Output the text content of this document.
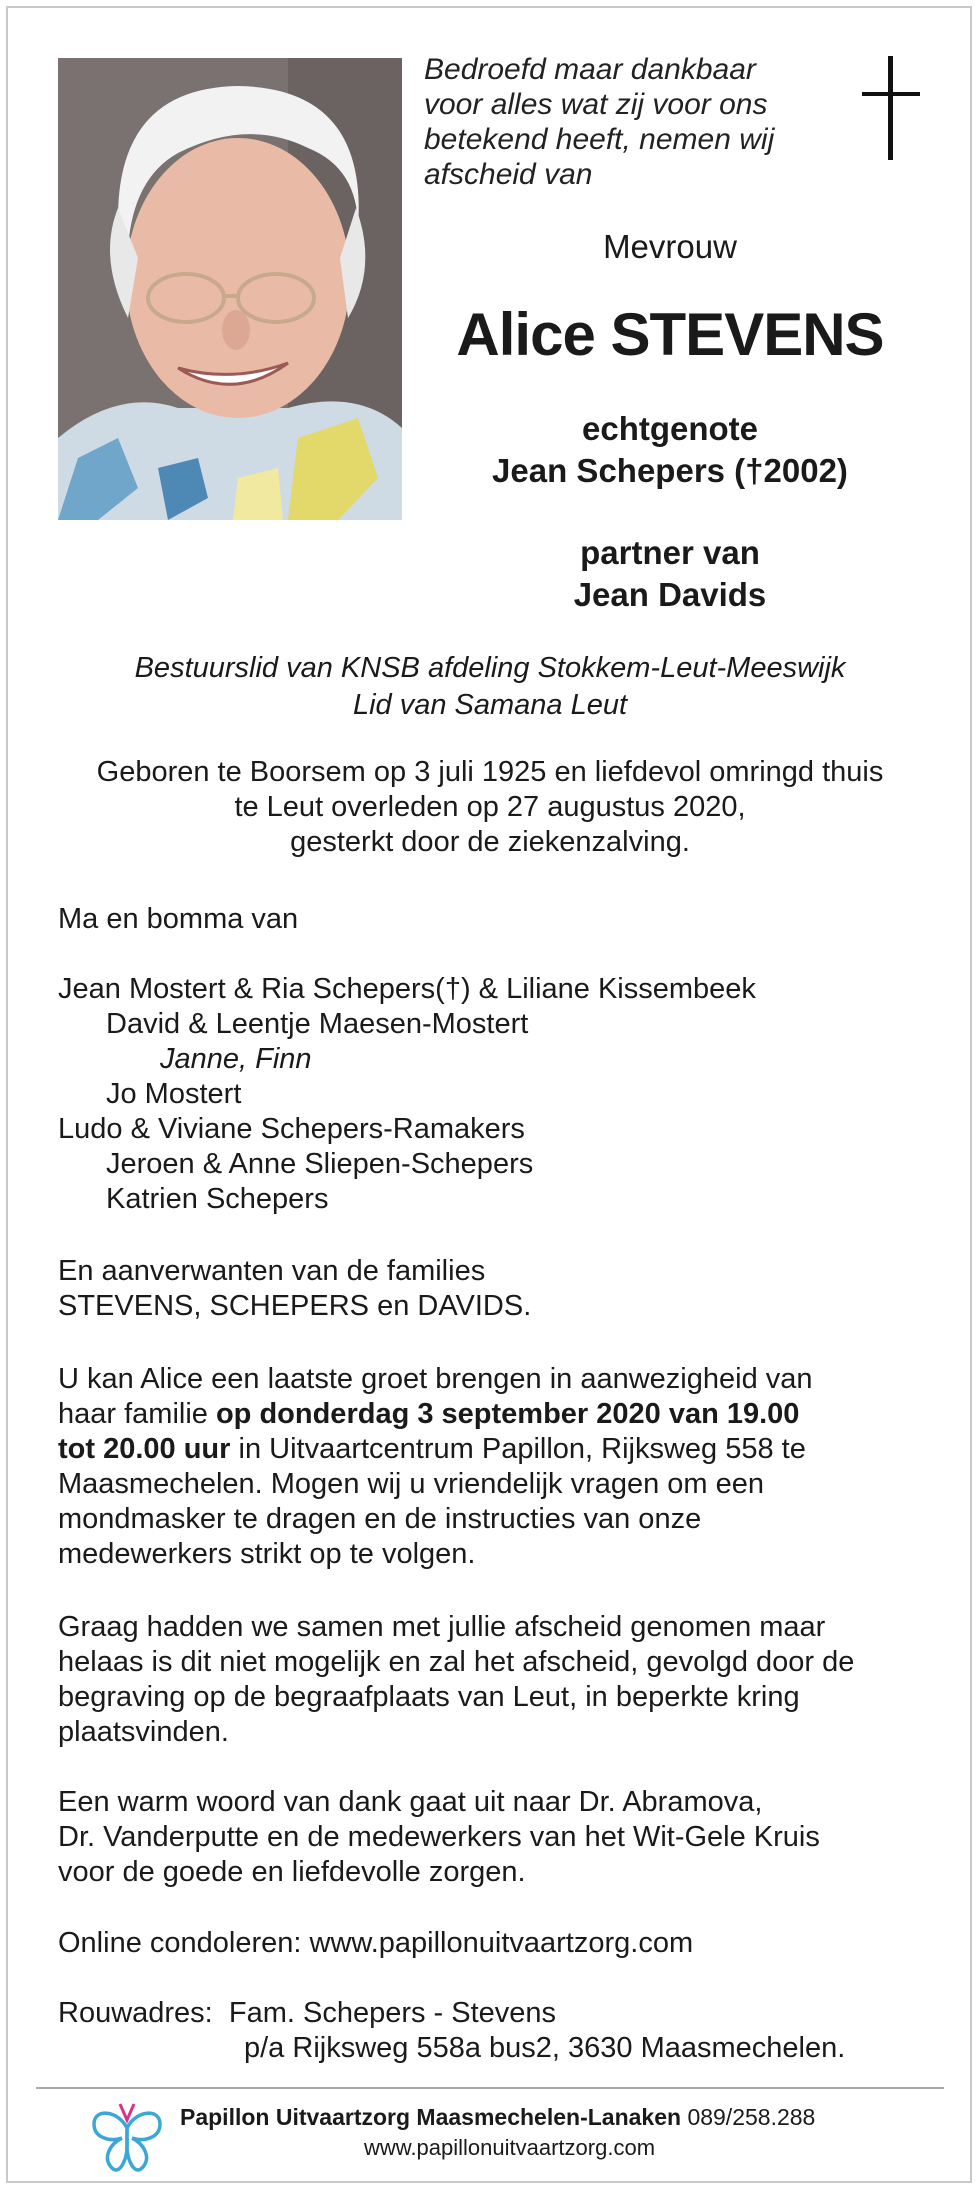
Bedroefd maar dankbaar
voor alles wat zij voor ons
betekend heeft, nemen wij
afscheid van
Mevrouw
Alice STEVENS
echtgenote
Jean Schepers (†2002)
partner van
Jean Davids
Bestuurslid van KNSB afdeling Stokkem-Leut-Meeswijk
Lid van Samana Leut
Geboren te Boorsem op 3 juli 1925 en liefdevol omringd thuis
te Leut overleden op 27 augustus 2020,
gesterkt door de ziekenzalving.
Ma en bomma van
Jean Mostert & Ria Schepers(†) & Liliane Kissembeek
David & Leentje Maesen-Mostert
Janne, Finn
Jo Mostert
Ludo & Viviane Schepers-Ramakers
Jeroen & Anne Sliepen-Schepers
Katrien Schepers
En aanverwanten van de families
STEVENS, SCHEPERS en DAVIDS.
U kan Alice een laatste groet brengen in aanwezigheid van
haar familie op donderdag 3 september 2020 van 19.00
tot 20.00 uur in Uitvaartcentrum Papillon, Rijksweg 558 te
Maasmechelen. Mogen wij u vriendelijk vragen om een
mondmasker te dragen en de instructies van onze
medewerkers strikt op te volgen.
Graag hadden we samen met jullie afscheid genomen maar
helaas is dit niet mogelijk en zal het afscheid, gevolgd door de
begraving op de begraafplaats van Leut, in beperkte kring
plaatsvinden.
Een warm woord van dank gaat uit naar Dr. Abramova,
Dr. Vanderputte en de medewerkers van het Wit-Gele Kruis
voor de goede en liefdevolle zorgen.
Online condoleren: www.papillonuitvaartzorg.com
Rouwadres: Fam. Schepers - Stevens
p/a Rijksweg 558a bus2, 3630 Maasmechelen.
Papillon Uitvaartzorg Maasmechelen-Lanaken 089/258.288
www.papillonuitvaartzorg.com
